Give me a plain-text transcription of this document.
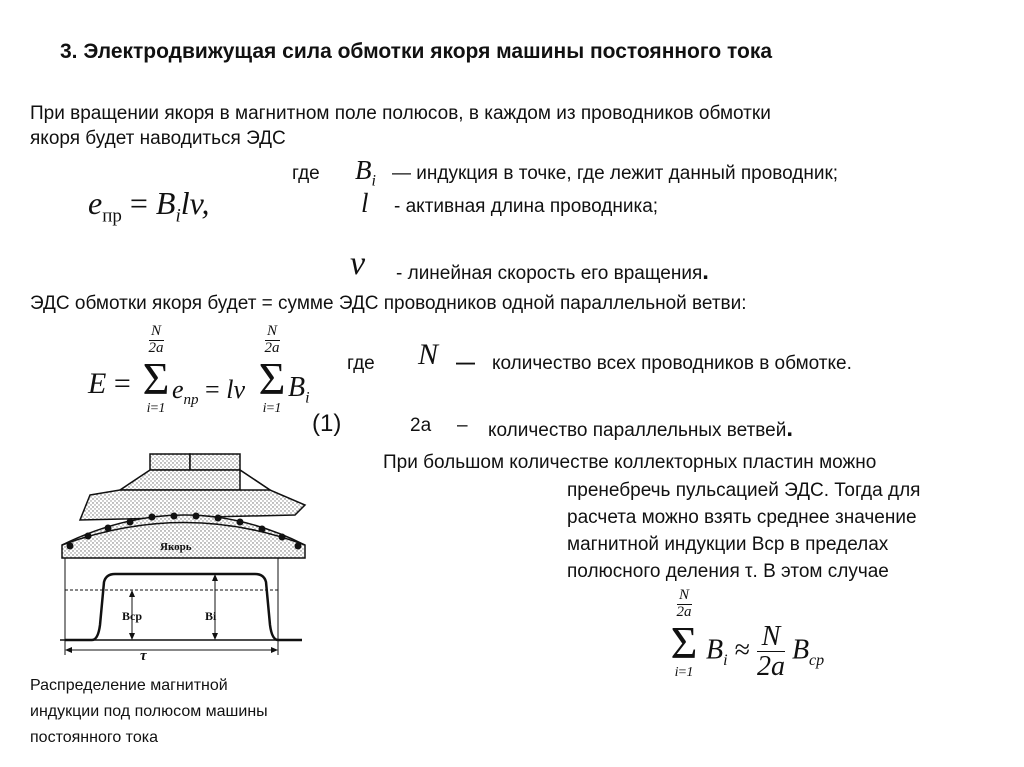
3. Электродвижущая сила обмотки якоря машины постоянного тока
При вращении якоря в магнитном поле полюсов, в каждом из проводников обмотки
якоря будет наводиться ЭДС
$e_{пр} = B_ilv$,
где $B_i$ — индукция в точке, где лежит данный проводник;
l - активная длина проводника;
v - линейная скорость его вращения.
ЭДС обмотки якоря будет = сумме ЭДС проводников одной параллельной ветви:
E =
$\frac{N}{2a}$
Σ
i=1
$e_{пр}$ = lv
$\frac{N}{2a}$
Σ
i=1
$B_i$
где N — количество всех проводников в обмотке.
(1)	2а – количество параллельных ветвей.
При большом количестве коллекторных пластин можно
пренебречь пульсацией ЭДС. Тогда для
расчета можно взять среднее значение
магнитной индукции Вср в пределах
полюсного деления τ. В этом случае
$\frac{N}{2a}$
Σ
i=1
$B_i \approx \frac{N}{2a} B_{cp}$
Якорь
Bср	Bi
τ
Распределение магнитной
индукции под полюсом машины
постоянного тока
